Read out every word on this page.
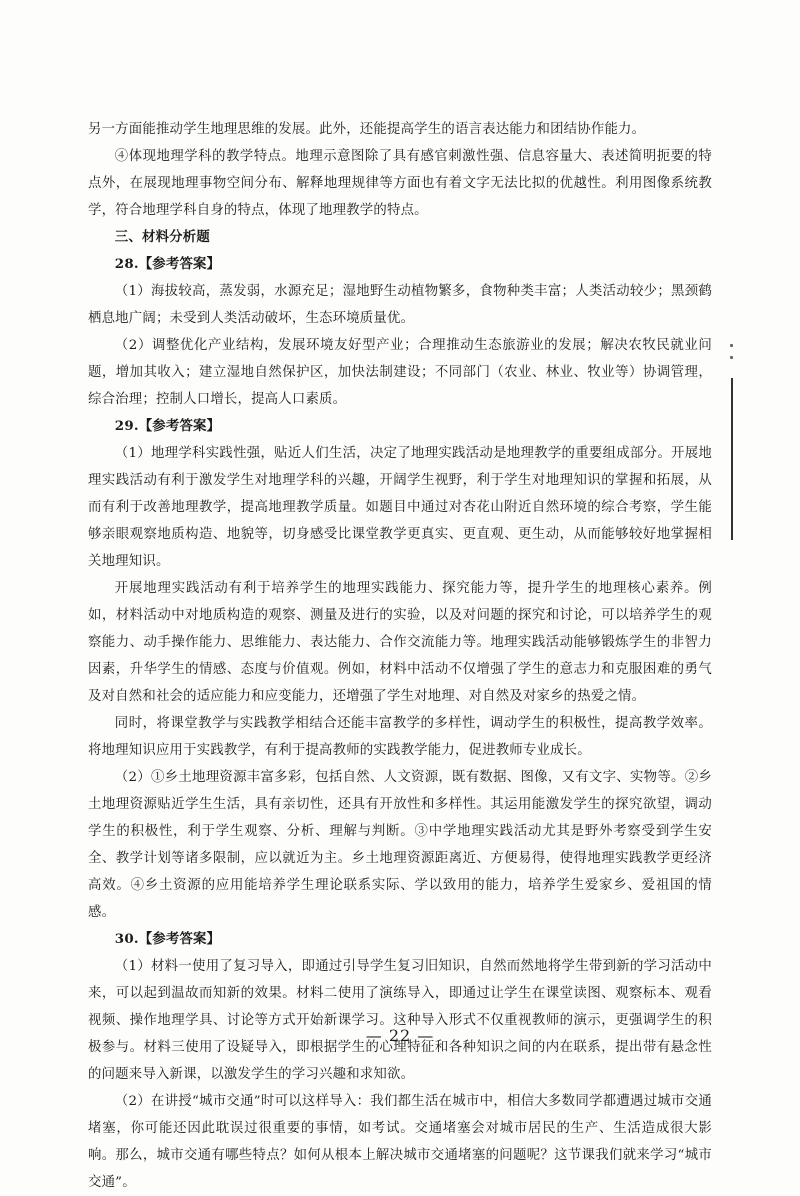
另一方面能推动学生地理思维的发展。此外，还能提高学生的语言表达能力和团结协作能力。

④体现地理学科的教学特点。地理示意图除了具有感官刺激性强、信息容量大、表述简明扼要的特点外，在展现地理事物空间分布、解释地理规律等方面也有着文字无法比拟的优越性。利用图像系统教学，符合地理学科自身的特点，体现了地理教学的特点。

三、材料分析题

28.【参考答案】

（1）海拔较高，蒸发弱，水源充足；湿地野生动植物繁多，食物种类丰富；人类活动较少；黑颈鹤栖息地广阔；未受到人类活动破坏，生态环境质量优。

（2）调整优化产业结构，发展环境友好型产业；合理推动生态旅游业的发展；解决农牧民就业问题，增加其收入；建立湿地自然保护区，加快法制建设；不同部门（农业、林业、牧业等）协调管理，综合治理；控制人口增长，提高人口素质。

29.【参考答案】

（1）地理学科实践性强，贴近人们生活，决定了地理实践活动是地理教学的重要组成部分。开展地理实践活动有利于激发学生对地理学科的兴趣，开阔学生视野，利于学生对地理知识的掌握和拓展，从而有利于改善地理教学，提高地理教学质量。如题目中通过对杏花山附近自然环境的综合考察，学生能够亲眼观察地质构造、地貌等，切身感受比课堂教学更真实、更直观、更生动，从而能够较好地掌握相关地理知识。

开展地理实践活动有利于培养学生的地理实践能力、探究能力等，提升学生的地理核心素养。例如，材料活动中对地质构造的观察、测量及进行的实验，以及对问题的探究和讨论，可以培养学生的观察能力、动手操作能力、思维能力、表达能力、合作交流能力等。地理实践活动能够锻炼学生的非智力因素，升华学生的情感、态度与价值观。例如，材料中活动不仅增强了学生的意志力和克服困难的勇气及对自然和社会的适应能力和应变能力，还增强了学生对地理、对自然及对家乡的热爱之情。

同时，将课堂教学与实践教学相结合还能丰富教学的多样性，调动学生的积极性，提高教学效率。将地理知识应用于实践教学，有利于提高教师的实践教学能力，促进教师专业成长。

（2）①乡土地理资源丰富多彩，包括自然、人文资源，既有数据、图像，又有文字、实物等。②乡土地理资源贴近学生生活，具有亲切性，还具有开放性和多样性。其运用能激发学生的探究欲望，调动学生的积极性，利于学生观察、分析、理解与判断。③中学地理实践活动尤其是野外考察受到学生安全、教学计划等诸多限制，应以就近为主。乡土地理资源距离近、方便易得，使得地理实践教学更经济高效。④乡土资源的应用能培养学生理论联系实际、学以致用的能力，培养学生爱家乡、爱祖国的情感。

30.【参考答案】

（1）材料一使用了复习导入，即通过引导学生复习旧知识，自然而然地将学生带到新的学习活动中来，可以起到温故而知新的效果。材料二使用了演练导入，即通过让学生在课堂读图、观察标本、观看视频、操作地理学具、讨论等方式开始新课学习。这种导入形式不仅重视教师的演示，更强调学生的积极参与。材料三使用了设疑导入，即根据学生的心理特征和各种知识之间的内在联系，提出带有悬念性的问题来导入新课，以激发学生的学习兴趣和求知欲。

（2）在讲授“城市交通”时可以这样导入：我们都生活在城市中，相信大多数同学都遭遇过城市交通堵塞，你可能还因此耽误过很重要的事情，如考试。交通堵塞会对城市居民的生产、生活造成很大影响。那么，城市交通有哪些特点？如何从根本上解决城市交通堵塞的问题呢？这节课我们就来学习“城市交通”。

— 22 —
